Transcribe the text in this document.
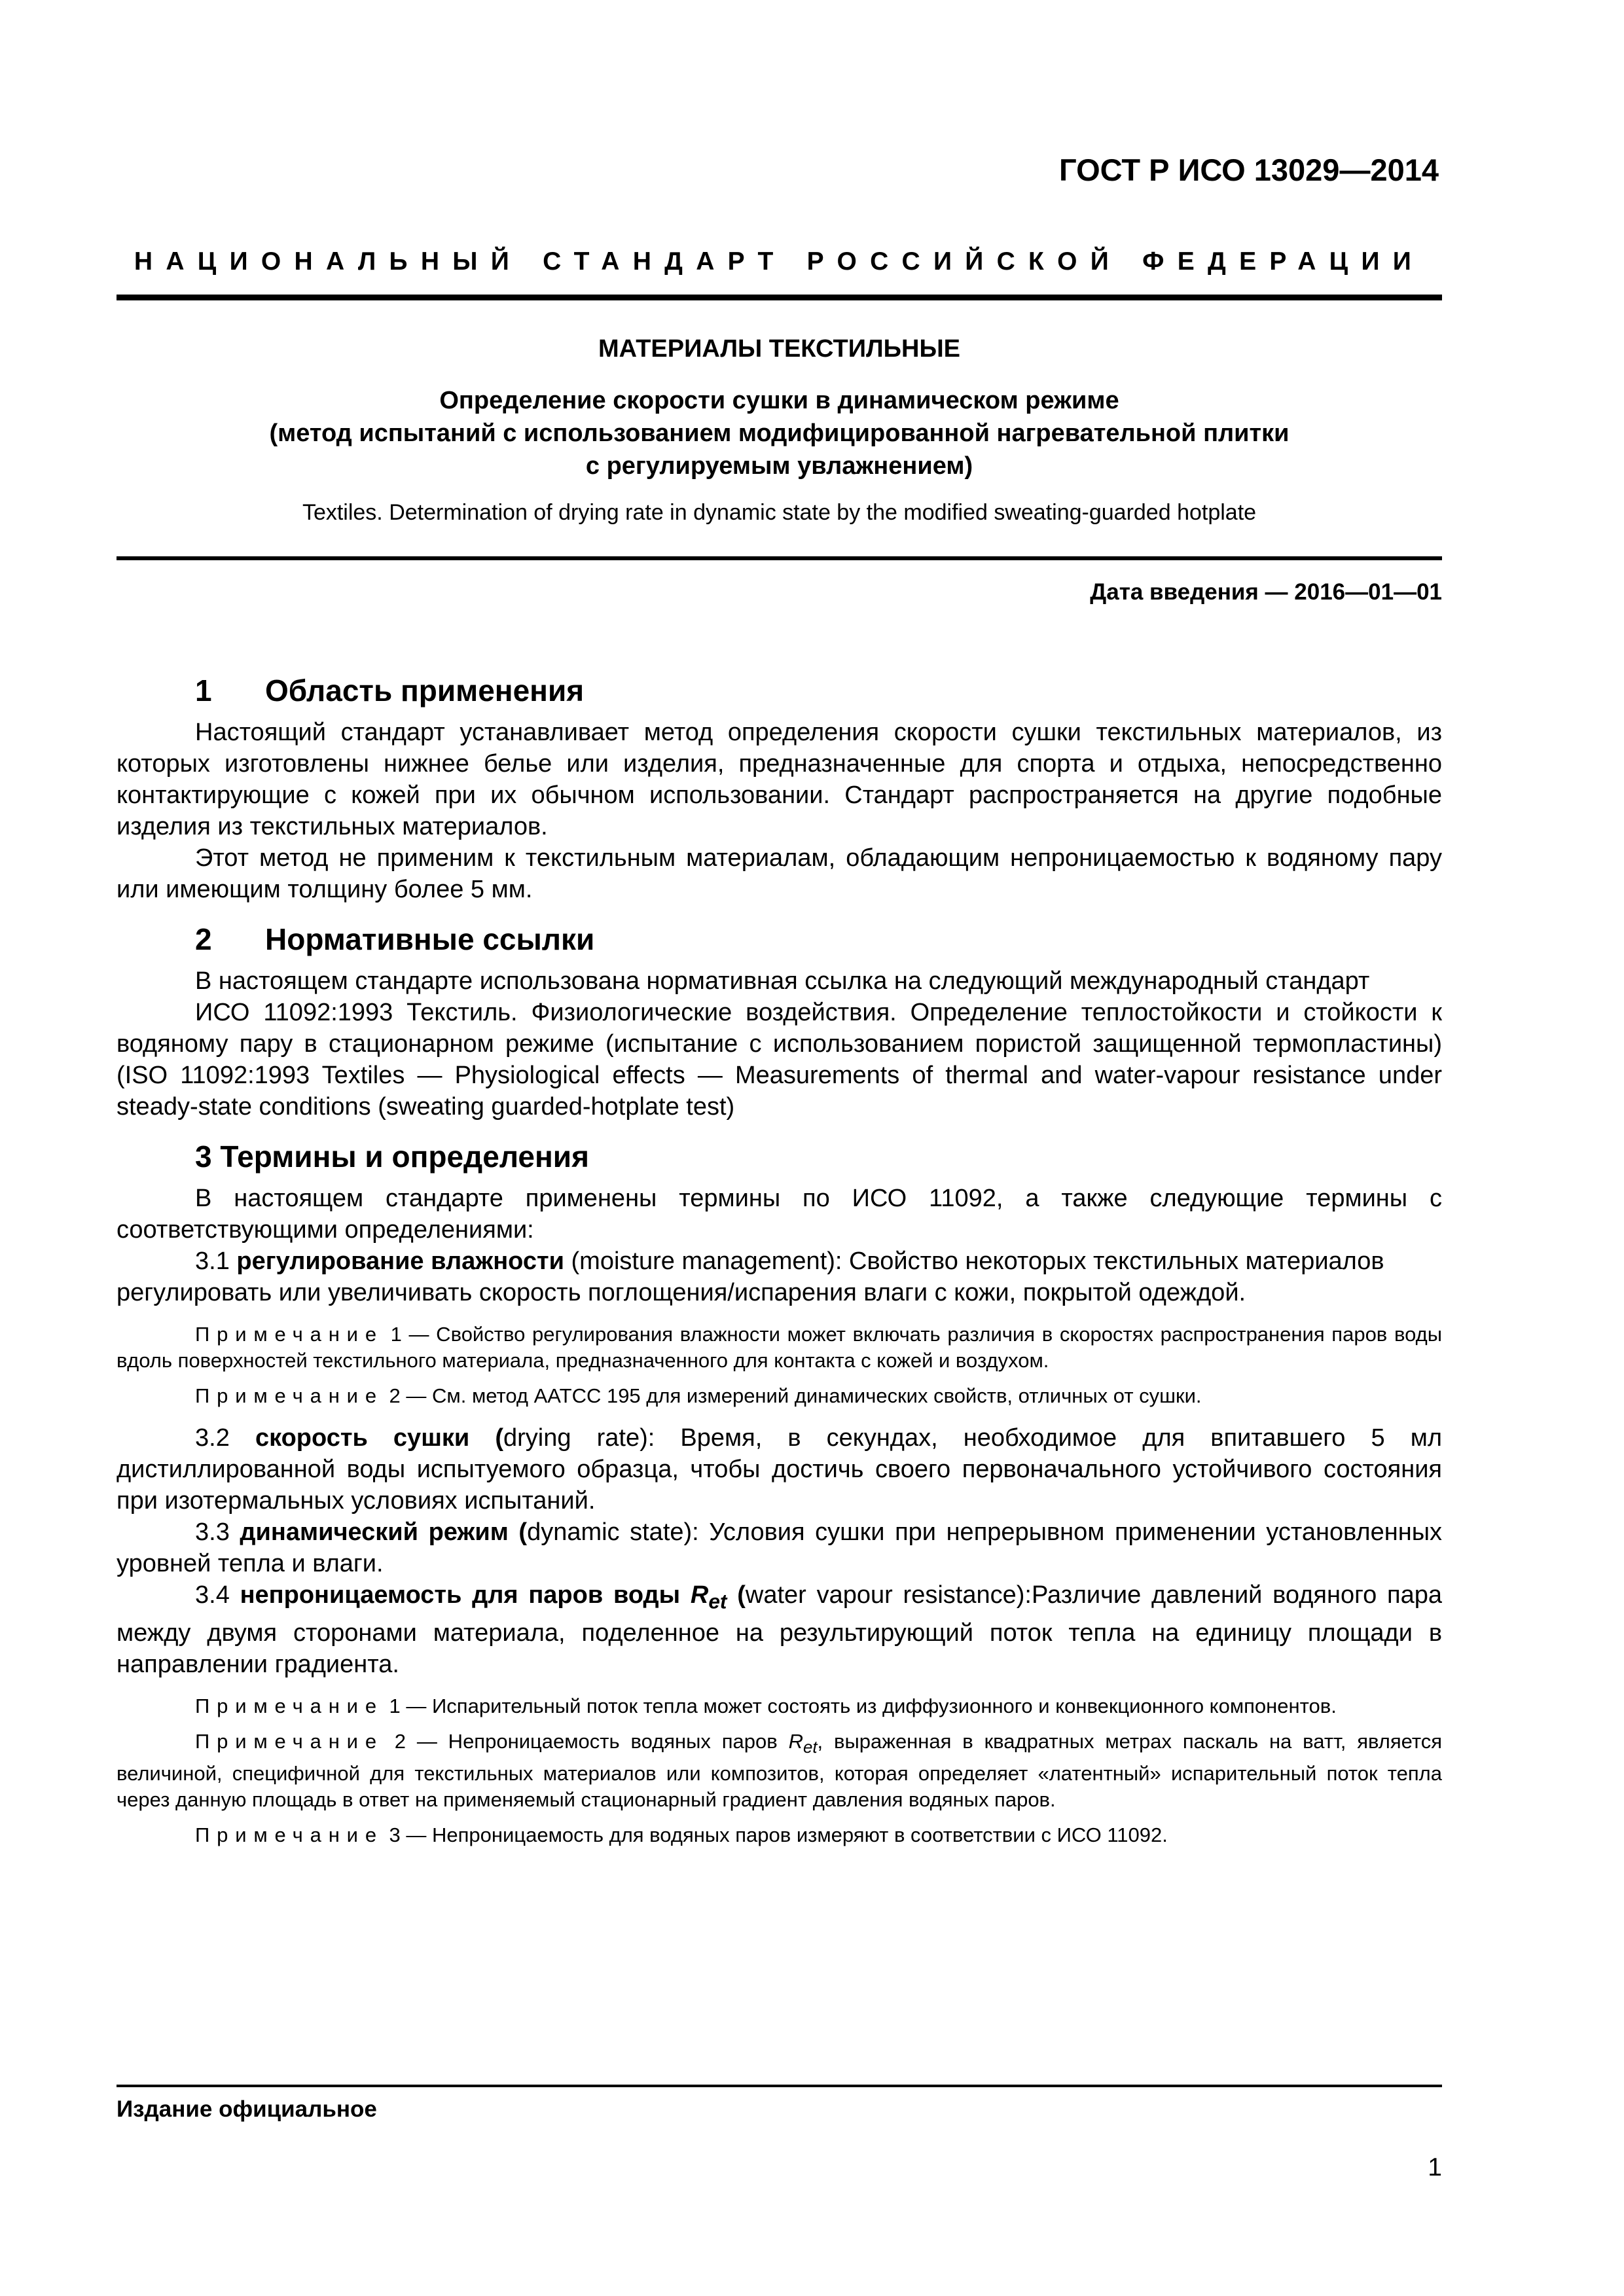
ГОСТ Р ИСО 13029—2014
НАЦИОНАЛЬНЫЙ СТАНДАРТ РОССИЙСКОЙ ФЕДЕРАЦИИ
МАТЕРИАЛЫ ТЕКСТИЛЬНЫЕ
Определение скорости сушки в динамическом режиме
(метод испытаний с использованием модифицированной нагревательной плитки
с регулируемым увлажнением)
Textiles. Determination of drying rate in dynamic state by the modified sweating-guarded hotplate
Дата введения — 2016—01—01
1 Область применения

Настоящий стандарт устанавливает метод определения скорости сушки текстильных материалов, из которых изготовлены нижнее белье или изделия, предназначенные для спорта и отдыха, непосредственно контактирующие с кожей при их обычном использовании. Стандарт распространяется на другие подобные изделия из текстильных материалов.

Этот метод не применим к текстильным материалам, обладающим непроницаемостью к водяному пару или имеющим толщину более 5 мм.

2 Нормативные ссылки

В настоящем стандарте использована нормативная ссылка на следующий международный стандарт

ИСО 11092:1993 Текстиль. Физиологические воздействия. Определение теплостойкости и стойкости к водяному пару в стационарном режиме (испытание с использованием пористой защищенной термопластины) (ISO 11092:1993 Textiles — Physiological effects — Measurements of thermal and water-vapour resistance under steady-state conditions (sweating guarded-hotplate test)

3 Термины и определения

В настоящем стандарте применены термины по ИСО 11092, а также следующие термины с соответствующими определениями:

3.1 регулирование влажности (moisture management): Свойство некоторых текстильных материалов регулировать или увеличивать скорость поглощения/испарения влаги с кожи, покрытой одеждой.

Примечание 1 — Свойство регулирования влажности может включать различия в скоростях распространения паров воды вдоль поверхностей текстильного материала, предназначенного для контакта с кожей и воздухом.

Примечание 2 — См. метод AATCC 195 для измерений динамических свойств, отличных от сушки.

3.2 скорость сушки (drying rate): Время, в секундах, необходимое для впитавшего 5 мл дистиллированной воды испытуемого образца, чтобы достичь своего первоначального устойчивого состояния при изотермальных условиях испытаний.

3.3 динамический режим (dynamic state): Условия сушки при непрерывном применении установленных уровней тепла и влаги.

3.4 непроницаемость для паров воды $R_{et}$ (water vapour resistance):Различие давлений водяного пара между двумя сторонами материала, поделенное на результирующий поток тепла на единицу площади в направлении градиента.

Примечание 1 — Испарительный поток тепла может состоять из диффузионного и конвекционного компонентов.

Примечание 2 — Непроницаемость водяных паров $R_{et}$, выраженная в квадратных метрах паскаль на ватт, является величиной, специфичной для текстильных материалов или композитов, которая определяет «латентный» испарительный поток тепла через данную площадь в ответ на применяемый стационарный градиент давления водяных паров.

Примечание 3 — Непроницаемость для водяных паров измеряют в соответствии с ИСО 11092.

Издание официальное
1
